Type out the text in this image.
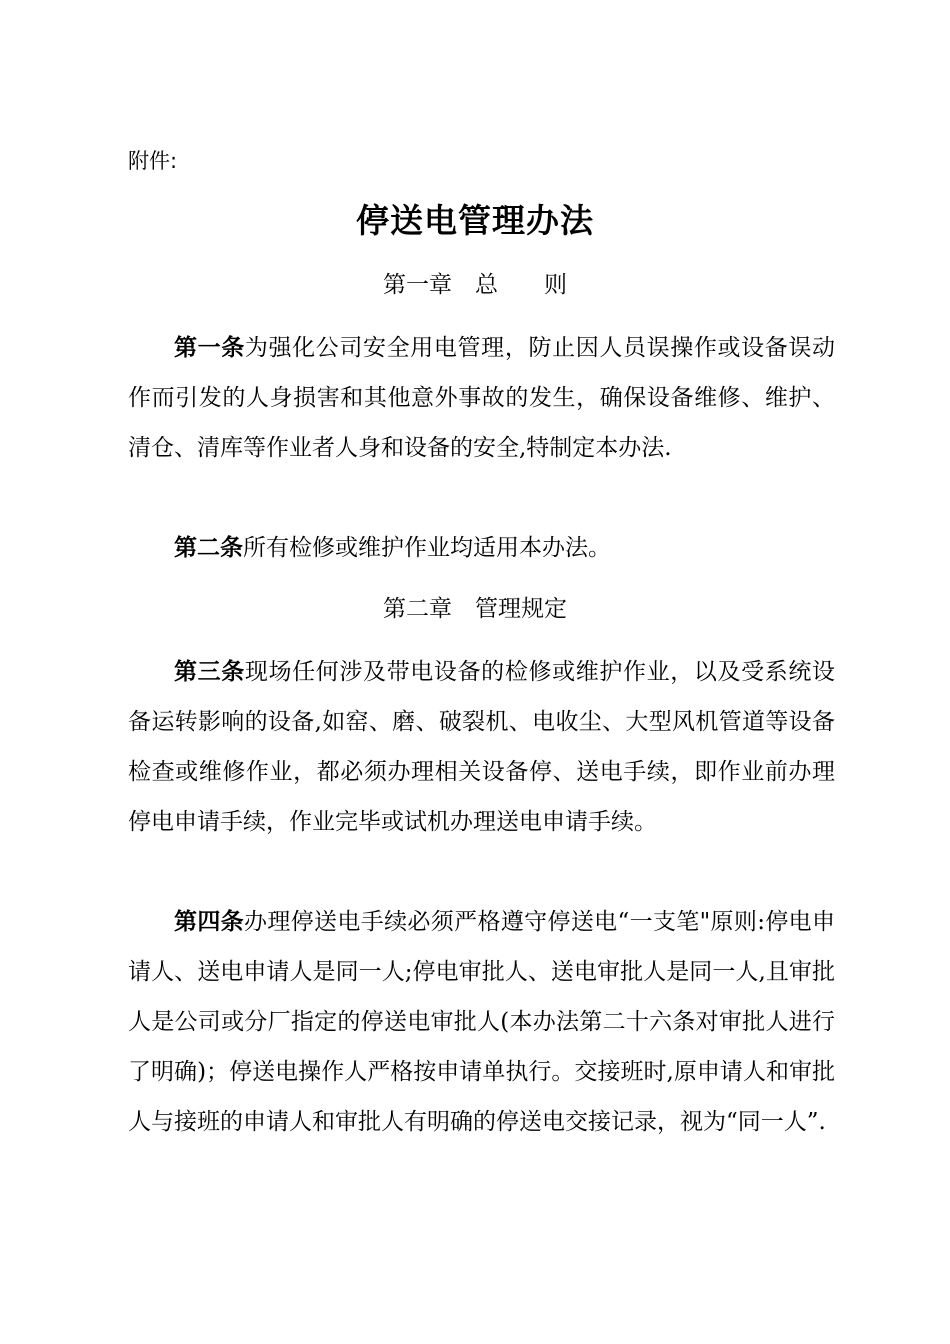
附件:
停送电管理办法
第一章　总　　则

第一条为强化公司安全用电管理，防止因人员误操作或设备误动作而引发的人身损害和其他意外事故的发生，确保设备维修、维护、清仓、清库等作业者人身和设备的安全,特制定本办法.

第二条所有检修或维护作业均适用本办法。

第二章　管理规定

第三条现场任何涉及带电设备的检修或维护作业，以及受系统设备运转影响的设备,如窑、磨、破裂机、电收尘、大型风机管道等设备检查或维修作业，都必须办理相关设备停、送电手续，即作业前办理停电申请手续，作业完毕或试机办理送电申请手续。

第四条办理停送电手续必须严格遵守停送电“一支笔"原则:停电申请人、送电申请人是同一人;停电审批人、送电审批人是同一人,且审批人是公司或分厂指定的停送电审批人(本办法第二十六条对审批人进行了明确)；停送电操作人严格按申请单执行。交接班时,原申请人和审批人与接班的申请人和审批人有明确的停送电交接记录，视为“同一人”.
